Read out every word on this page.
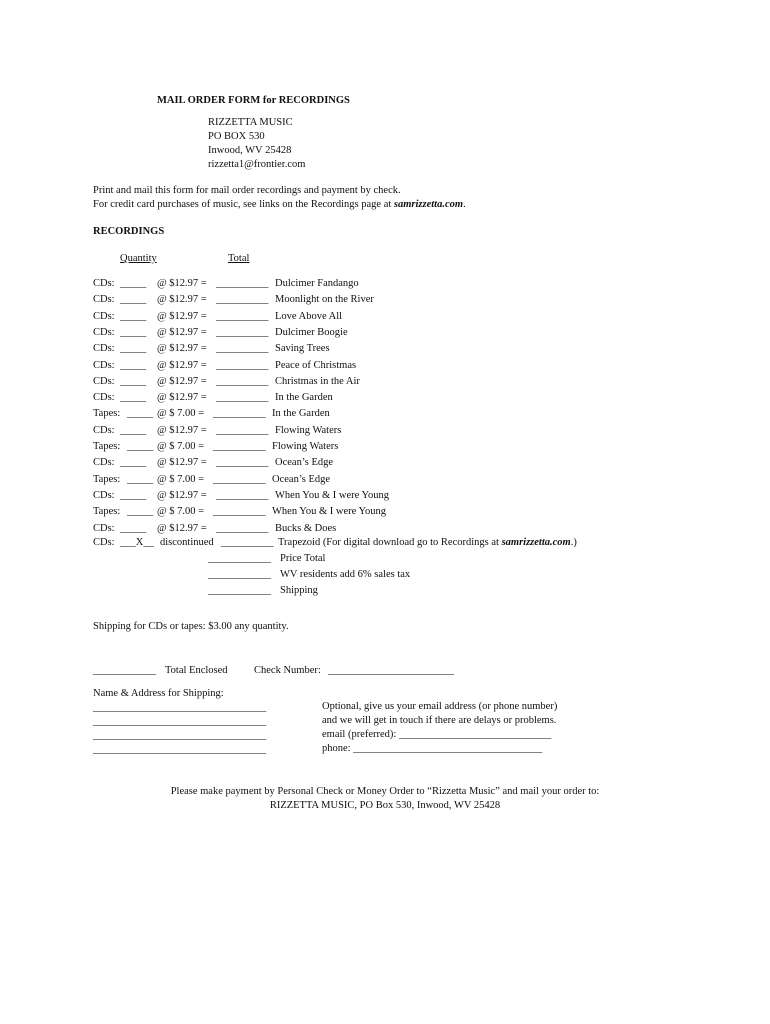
MAIL ORDER FORM for RECORDINGS
RIZZETTA MUSIC
PO BOX 530
Inwood, WV 25428
rizzetta1@frontier.com
Print and mail this form for mail order recordings and payment by check.
For credit card purchases of music, see links on the Recordings page at samrizzetta.com.
RECORDINGS
Quantity	Total
CDs: _____ @ $12.97 = __________ Dulcimer Fandango
CDs: _____ @ $12.97 = __________ Moonlight on the River
CDs: _____ @ $12.97 = __________ Love Above All
CDs: _____ @ $12.97 = __________ Dulcimer Boogie
CDs: _____ @ $12.97 = __________ Saving Trees
CDs: _____ @ $12.97 = __________ Peace of Christmas
CDs: _____ @ $12.97 = __________ Christmas in the Air
CDs: _____ @ $12.97 = __________ In the Garden
Tapes: _____ @ $ 7.00 = __________ In the Garden
CDs: _____ @ $12.97 = __________ Flowing Waters
Tapes: _____ @ $ 7.00 = __________ Flowing Waters
CDs: _____ @ $12.97 = __________ Ocean’s Edge
Tapes: _____ @ $ 7.00 = __________ Ocean’s Edge
CDs: _____ @ $12.97 = __________ When You & I were Young
Tapes: _____ @ $ 7.00 = __________ When You & I were Young
CDs: _____ @ $12.97 = __________ Bucks & Does
CDs: ___X__ discontinued __________ Trapezoid (For digital download go to Recordings at samrizzetta.com.)
____________ Price Total
____________ WV residents add 6% sales tax
____________ Shipping
Shipping for CDs or tapes: $3.00 any quantity.
____________ Total Enclosed	Check Number: ________________________
Name & Address for Shipping:
_________________________________
_________________________________
_________________________________
_________________________________
Optional, give us your email address (or phone number)
and we will get in touch if there are delays or problems.
email (preferred): _____________________________
phone: ____________________________________
Please make payment by Personal Check or Money Order to “Rizzetta Music” and mail your order to:
RIZZETTA MUSIC, PO Box 530, Inwood, WV 25428
